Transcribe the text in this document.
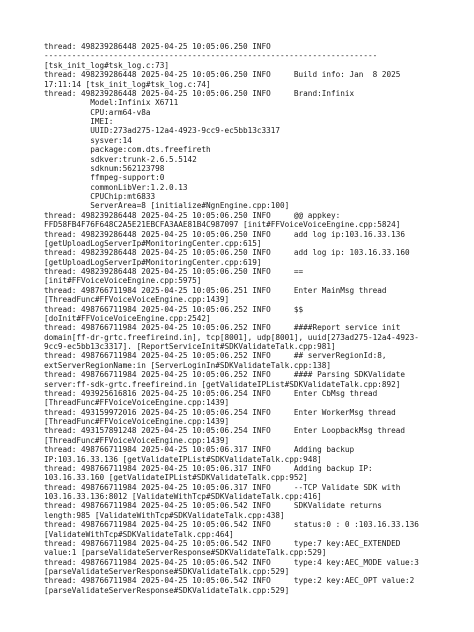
thread: 498239286448 2025-04-25 10:05:06.250 INFO
------------------------------------------------------------------------
[tsk_init_log#tsk_log.c:73]
thread: 498239286448 2025-04-25 10:05:06.250 INFO     Build info: Jan  8 2025
17:11:14 [tsk_init_log#tsk_log.c:74]
thread: 498239286448 2025-04-25 10:05:06.250 INFO     Brand:Infinix
Model:Infinix X6711
CPU:arm64-v8a
IMEI:
UUID:273ad275-12a4-4923-9cc9-ec5bb13c3317
sysver:14
package:com.dts.freefireth
sdkver:trunk-2.6.5.5142
sdknum:562123798
ffmpeg-support:0
commonLibVer:1.2.0.13
CPUChip:mt6833
ServerArea=8 [initialize#NgnEngine.cpp:100]
thread: 498239286448 2025-04-25 10:05:06.250 INFO     @@ appkey:
FFD58FB4F76F648C2A5E21EBCFA3AAE81B4C987097 [init#FFVoiceVoiceEngine.cpp:5824]
thread: 498239286448 2025-04-25 10:05:06.250 INFO     add log ip:103.16.33.136
[getUploadLogServerIp#MonitoringCenter.cpp:615]
thread: 498239286448 2025-04-25 10:05:06.250 INFO     add log ip: 103.16.33.160
[getUploadLogServerIp#MonitoringCenter.cpp:619]
thread: 498239286448 2025-04-25 10:05:06.250 INFO     ==
[init#FFVoiceVoiceEngine.cpp:5975]
thread: 498766711984 2025-04-25 10:05:06.251 INFO     Enter MainMsg thread
[ThreadFunc#FFVoiceVoiceEngine.cpp:1439]
thread: 498766711984 2025-04-25 10:05:06.252 INFO     $$
[doInit#FFVoiceVoiceEngine.cpp:2542]
thread: 498766711984 2025-04-25 10:05:06.252 INFO     ####Report service init
domain[ff-dr-grtc.freefireind.in], tcp[8001], udp[8001], uuid[273ad275-12a4-4923-
9cc9-ec5bb13c3317]. [ReportServiceInit#SDKValidateTalk.cpp:981]
thread: 498766711984 2025-04-25 10:05:06.252 INFO     ## serverRegionId:8,
extServerRegionName:in [ServerLoginIn#SDKValidateTalk.cpp:138]
thread: 498766711984 2025-04-25 10:05:06.252 INFO     #### Parsing SDKValidate
server:ff-sdk-grtc.freefireind.in [getValidateIPList#SDKValidateTalk.cpp:892]
thread: 493925616816 2025-04-25 10:05:06.254 INFO     Enter CbMsg thread
[ThreadFunc#FFVoiceVoiceEngine.cpp:1439]
thread: 493159972016 2025-04-25 10:05:06.254 INFO     Enter WorkerMsg thread
[ThreadFunc#FFVoiceVoiceEngine.cpp:1439]
thread: 493157891248 2025-04-25 10:05:06.254 INFO     Enter LoopbackMsg thread
[ThreadFunc#FFVoiceVoiceEngine.cpp:1439]
thread: 498766711984 2025-04-25 10:05:06.317 INFO     Adding backup
IP:103.16.33.136 [getValidateIPList#SDKValidateTalk.cpp:948]
thread: 498766711984 2025-04-25 10:05:06.317 INFO     Adding backup IP:
103.16.33.160 [getValidateIPList#SDKValidateTalk.cpp:952]
thread: 498766711984 2025-04-25 10:05:06.317 INFO     --TCP Validate SDK with
103.16.33.136:8012 [ValidateWithTcp#SDKValidateTalk.cpp:416]
thread: 498766711984 2025-04-25 10:05:06.542 INFO     SDKValidate returns
length:985 [ValidateWithTcp#SDKValidateTalk.cpp:438]
thread: 498766711984 2025-04-25 10:05:06.542 INFO     status:0 : 0 :103.16.33.136
[ValidateWithTcp#SDKValidateTalk.cpp:464]
thread: 498766711984 2025-04-25 10:05:06.542 INFO     type:7 key:AEC_EXTENDED
value:1 [parseValidateServerResponse#SDKValidateTalk.cpp:529]
thread: 498766711984 2025-04-25 10:05:06.542 INFO     type:4 key:AEC_MODE value:3
[parseValidateServerResponse#SDKValidateTalk.cpp:529]
thread: 498766711984 2025-04-25 10:05:06.542 INFO     type:2 key:AEC_OPT value:2
[parseValidateServerResponse#SDKValidateTalk.cpp:529]
